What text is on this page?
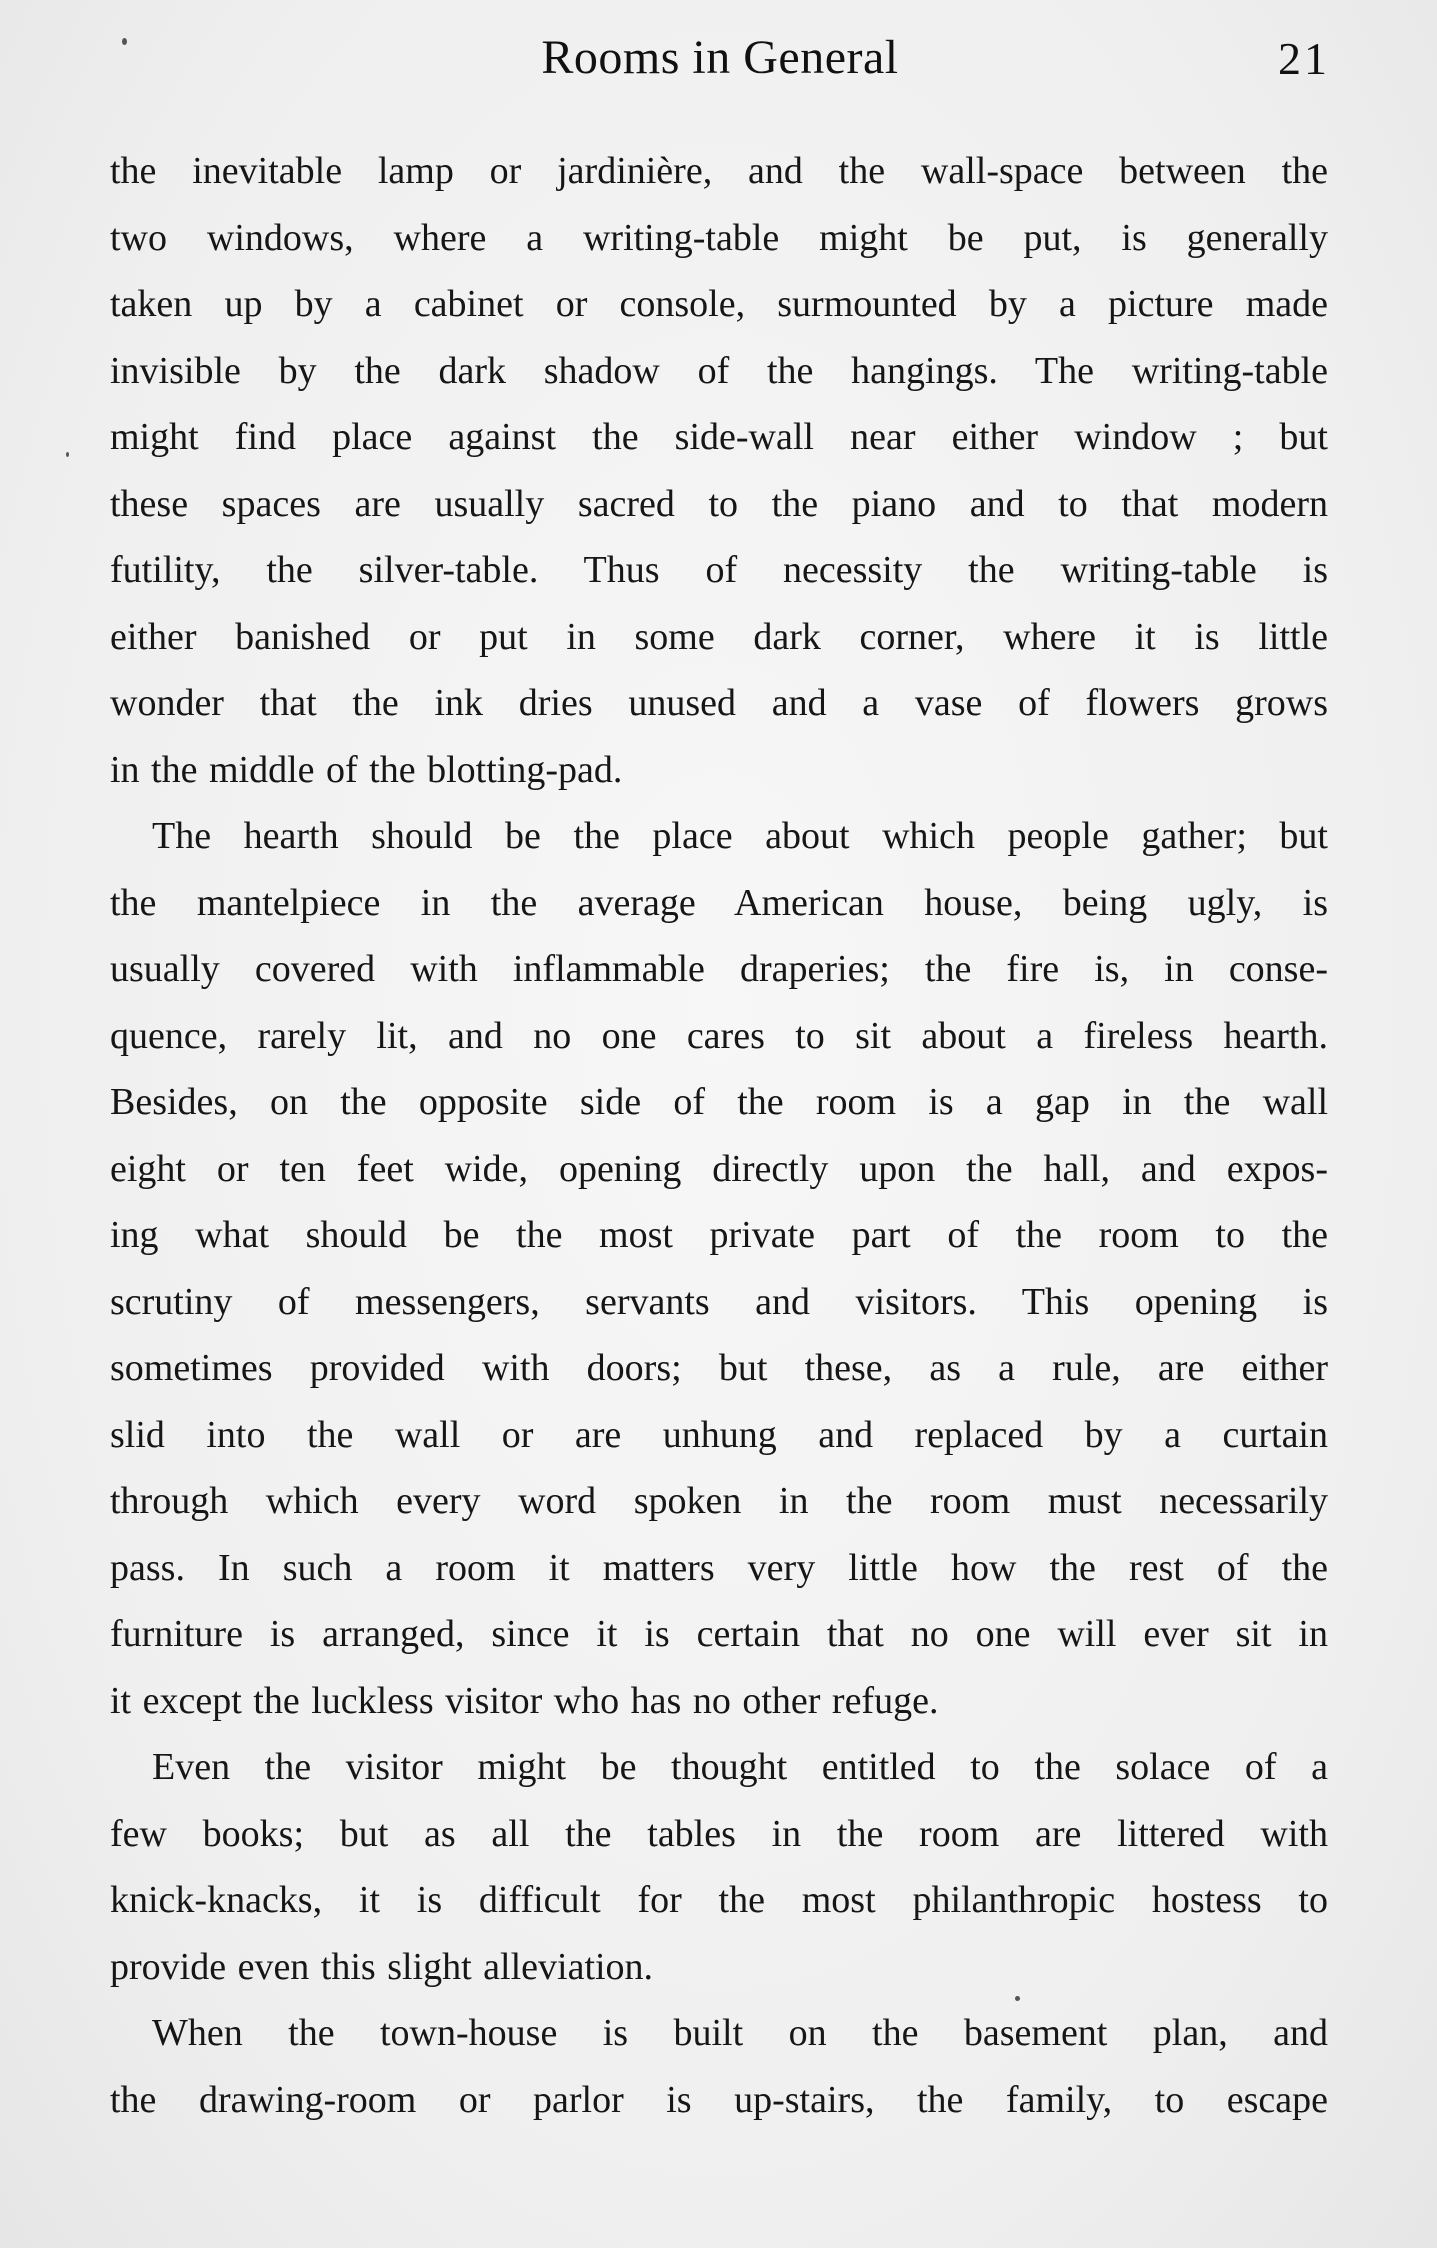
Rooms in General	21
the inevitable lamp or jardinière, and the wall-space between the
two windows, where a writing-table might be put, is generally
taken up by a cabinet or console, surmounted by a picture made
invisible by the dark shadow of the hangings. The writing-table
might find place against the side-wall near either window ; but
these spaces are usually sacred to the piano and to that modern
futility, the silver-table. Thus of necessity the writing-table is
either banished or put in some dark corner, where it is little
wonder that the ink dries unused and a vase of flowers grows
in the middle of the blotting-pad.
The hearth should be the place about which people gather; but
the mantelpiece in the average American house, being ugly, is
usually covered with inflammable draperies; the fire is, in conse-
quence, rarely lit, and no one cares to sit about a fireless hearth.
Besides, on the opposite side of the room is a gap in the wall
eight or ten feet wide, opening directly upon the hall, and expos-
ing what should be the most private part of the room to the
scrutiny of messengers, servants and visitors. This opening is
sometimes provided with doors; but these, as a rule, are either
slid into the wall or are unhung and replaced by a curtain
through which every word spoken in the room must necessarily
pass. In such a room it matters very little how the rest of the
furniture is arranged, since it is certain that no one will ever sit in
it except the luckless visitor who has no other refuge.
Even the visitor might be thought entitled to the solace of a
few books; but as all the tables in the room are littered with
knick-knacks, it is difficult for the most philanthropic hostess to
provide even this slight alleviation.
When the town-house is built on the basement plan, and
the drawing-room or parlor is up-stairs, the family, to escape
